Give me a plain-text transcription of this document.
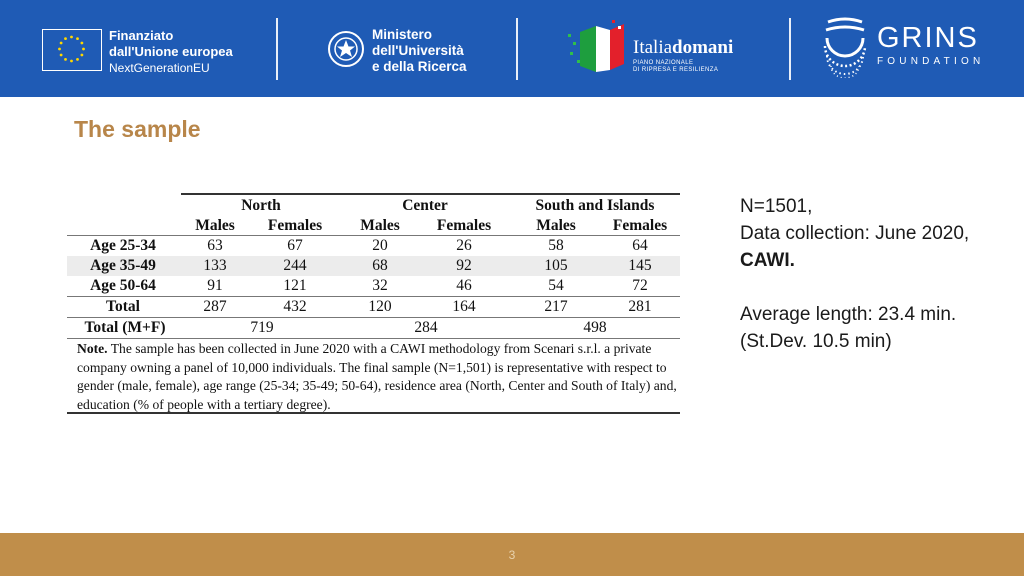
Finanziato
dall'Unione europea
NextGenerationEU
Ministero
dell'Università
e della Ricerca
Italiadomani
PIANO NAZIONALE
DI RIPRESA E RESILIENZA
GRINS
FOUNDATION
The sample
North	Center	South and Islands
Males	Females	Males	Females	Males	Females
Age 25-34	63	67	20	26	58	64
Age 35-49	133	244	68	92	105	145
Age 50-64	91	121	32	46	54	72
Total	287	432	120	164	217	281
Total (M+F)	719	284	498
Note. The sample has been collected in June 2020 with a CAWI methodology from Scenari s.r.l. a private company owning a panel of 10,000 individuals. The final sample (N=1,501) is representative with respect to gender (male, female), age range (25-34; 35-49; 50-64), residence area (North, Center and South of Italy) and, education (% of people with a tertiary degree).

N=1501,

Data collection: June 2020,

CAWI.

Average length: 23.4 min.

(St.Dev. 10.5 min)

3
